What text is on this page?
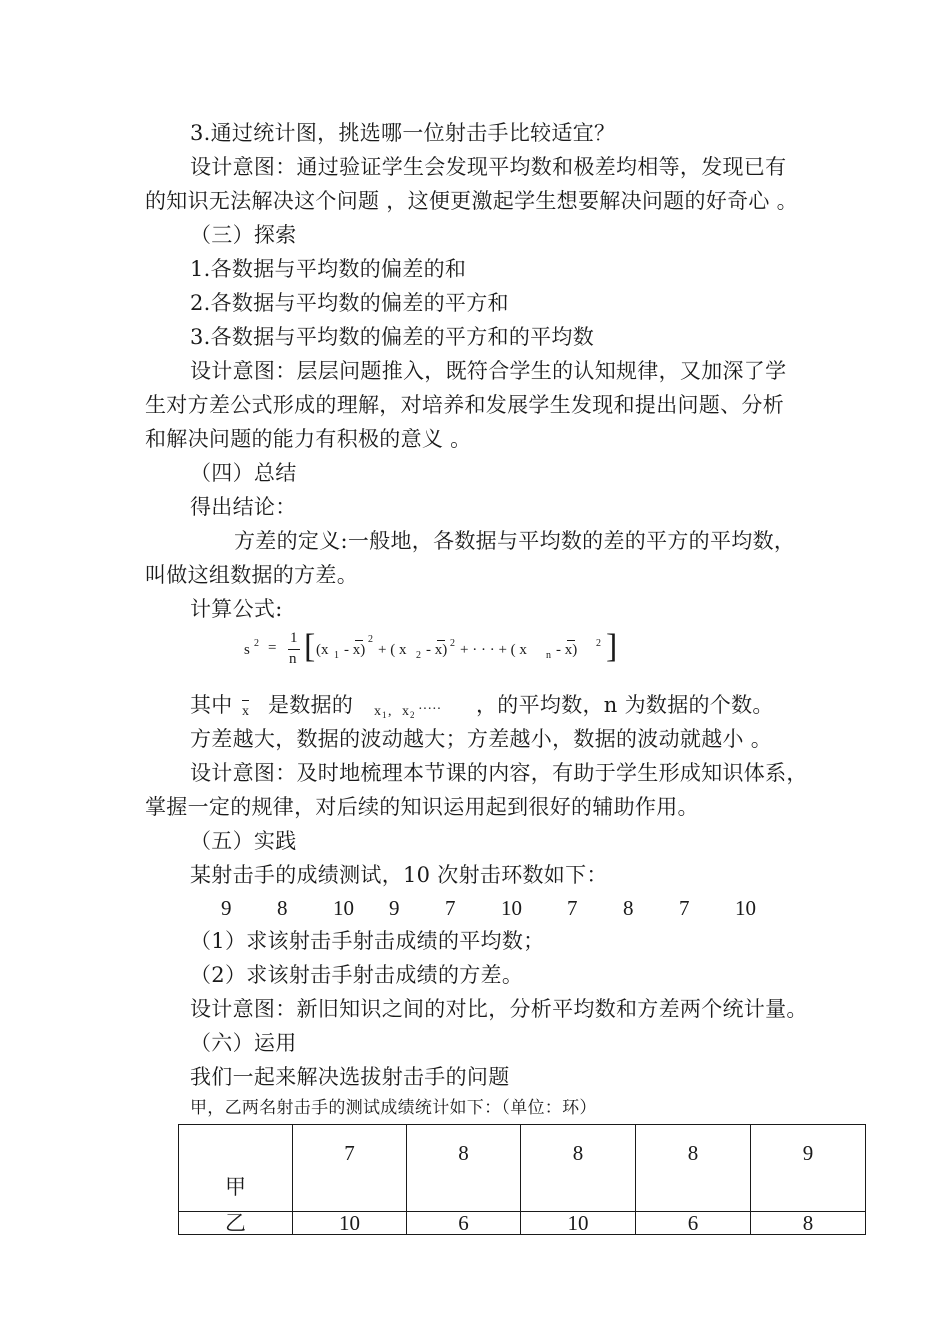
3.通过统计图，挑选哪一位射击手比较适宜？
设计意图：通过验证学生会发现平均数和极差均相等，发现已有
的知识无法解决这个问题 ，这便更激起学生想要解决问题的好奇心 。
（三）探索
1.各数据与平均数的偏差的和
2.各数据与平均数的偏差的平方和
3.各数据与平均数的偏差的平方和的平均数
设计意图：层层问题推入，既符合学生的认知规律，又加深了学
生对方差公式形成的理解，对培养和发展学生发现和提出问题、分析
和解决问题的能力有积极的意义 。
（四）总结
得出结论：
方差的定义:一般地，各数据与平均数的差的平方的平均数，
叫做这组数据的方差。
计算公式:
s 2 =
1
n [ (x 1 - x)
2
+ ( x 2 - x) 2 + · · · + ( x n - x) 2 ]
其中 x 是数据的 x 1 , x 2 ····· ，的平均数，n 为数据的个数。
方差越大，数据的波动越大；方差越小，数据的波动就越小 。
设计意图：及时地梳理本节课的内容，有助于学生形成知识体系，
掌握一定的规律，对后续的知识运用起到很好的辅助作用。
（五）实践
某射击手的成绩测试，10 次射击环数如下：
9 8 10 9 7 10 7 8 7 10
（1）求该射击手射击成绩的平均数；
（2）求该射击手射击成绩的方差。
设计意图：新旧知识之间的对比，分析平均数和方差两个统计量。
（六）运用
我们一起来解决选拔射击手的问题
甲，乙两名射击手的测试成绩统计如下：（单位：环）
甲	7	8	8	8	9
乙	10	6	10	6	8
